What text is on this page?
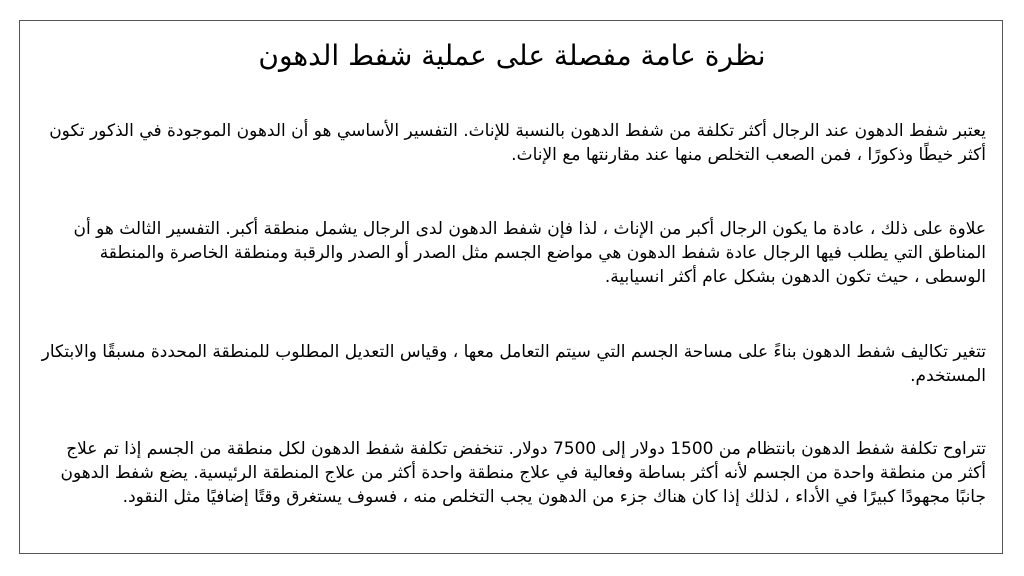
نظرة عامة مفصلة على عملية شفط الدهون

يعتبر شفط الدهون عند الرجال أكثر تكلفة من شفط الدهون بالنسبة للإناث. التفسير الأساسي هو أن الدهون الموجودة في الذكور تكون أكثر خيطًا وذكورًا ، فمن الصعب التخلص منها عند مقارنتها مع الإناث.

علاوة على ذلك ، عادة ما يكون الرجال أكبر من الإناث ، لذا فإن شفط الدهون لدى الرجال يشمل منطقة أكبر. التفسير الثالث هو أن المناطق التي يطلب فيها الرجال عادة شفط الدهون هي مواضع الجسم مثل الصدر أو الصدر والرقبة ومنطقة الخاصرة والمنطقة الوسطى ، حيث تكون الدهون بشكل عام أكثر انسيابية.

تتغير تكاليف شفط الدهون بناءً على مساحة الجسم التي سيتم التعامل معها ، وقياس التعديل المطلوب للمنطقة المحددة مسبقًا والابتكار المستخدم.

تتراوح تكلفة شفط الدهون بانتظام من 1500 دولار إلى 7500 دولار. تنخفض تكلفة شفط الدهون لكل منطقة من الجسم إذا تم علاج أكثر من منطقة واحدة من الجسم لأنه أكثر بساطة وفعالية في علاج منطقة واحدة أكثر من علاج المنطقة الرئيسية. يضع شفط الدهون جانبًا مجهودًا كبيرًا في الأداء ، لذلك إذا كان هناك جزء من الدهون يجب التخلص منه ، فسوف يستغرق وقتًا إضافيًا مثل النقود.
